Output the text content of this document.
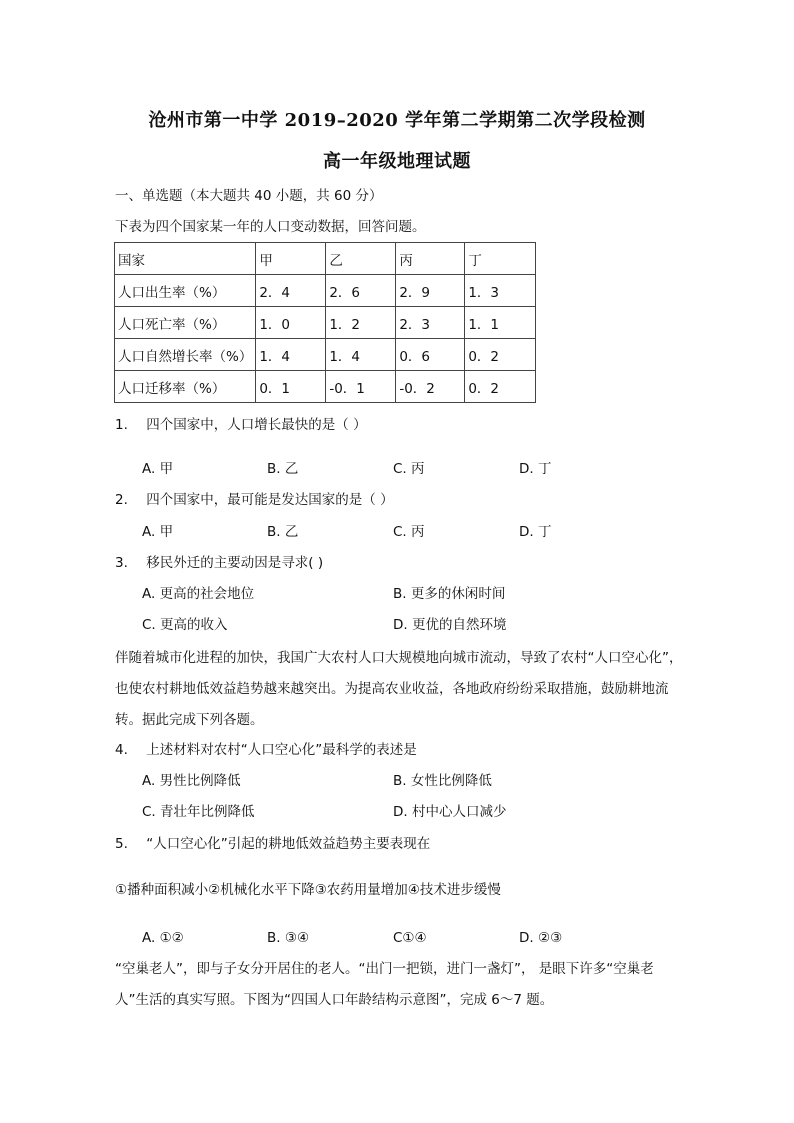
沧州市第一中学 2019–2020 学年第二学期第二次学段检测
高一年级地理试题
一、单选题（本大题共 40 小题，共 60 分）
下表为四个国家某一年的人口变动数据，回答问题。
国家	甲	乙	丙	丁
人口出生率（%）	2．4	2．6	2．9	1．3
人口死亡率（%）	1．0	1．2	2．3	1．1
人口自然增长率（%）	1．4	1．4	0．6	0．2
人口迁移率（%）	0．1	-0．1	-0．2	0．2
1. 四个国家中，人口增长最快的是（ ）
A. 甲	B. 乙	C. 丙	D. 丁
2. 四个国家中，最可能是发达国家的是（ ）
A. 甲	B. 乙	C. 丙	D. 丁
3. 移民外迁的主要动因是寻求( )
A. 更高的社会地位	B. 更多的休闲时间
C. 更高的收入	D. 更优的自然环境
伴随着城市化进程的加快，我国广大农村人口大规模地向城市流动，导致了农村“人口空心化”，也使农村耕地低效益趋势越来越突出。为提高农业收益，各地政府纷纷采取措施，鼓励耕地流转。据此完成下列各题。
4. 上述材料对农村“人口空心化”最科学的表述是
A. 男性比例降低	B. 女性比例降低
C. 青壮年比例降低	D. 村中心人口减少
5. “人口空心化”引起的耕地低效益趋势主要表现在
①播种面积减小②机械化水平下降③农药用量增加④技术进步缓慢
A. ①②	B. ③④	C①④	D. ②③
“空巢老人”，即与子女分开居住的老人。“出门一把锁，进门一盏灯”， 是眼下许多“空巢老人”生活的真实写照。下图为“四国人口年龄结构示意图”，完成 6～7 题。
